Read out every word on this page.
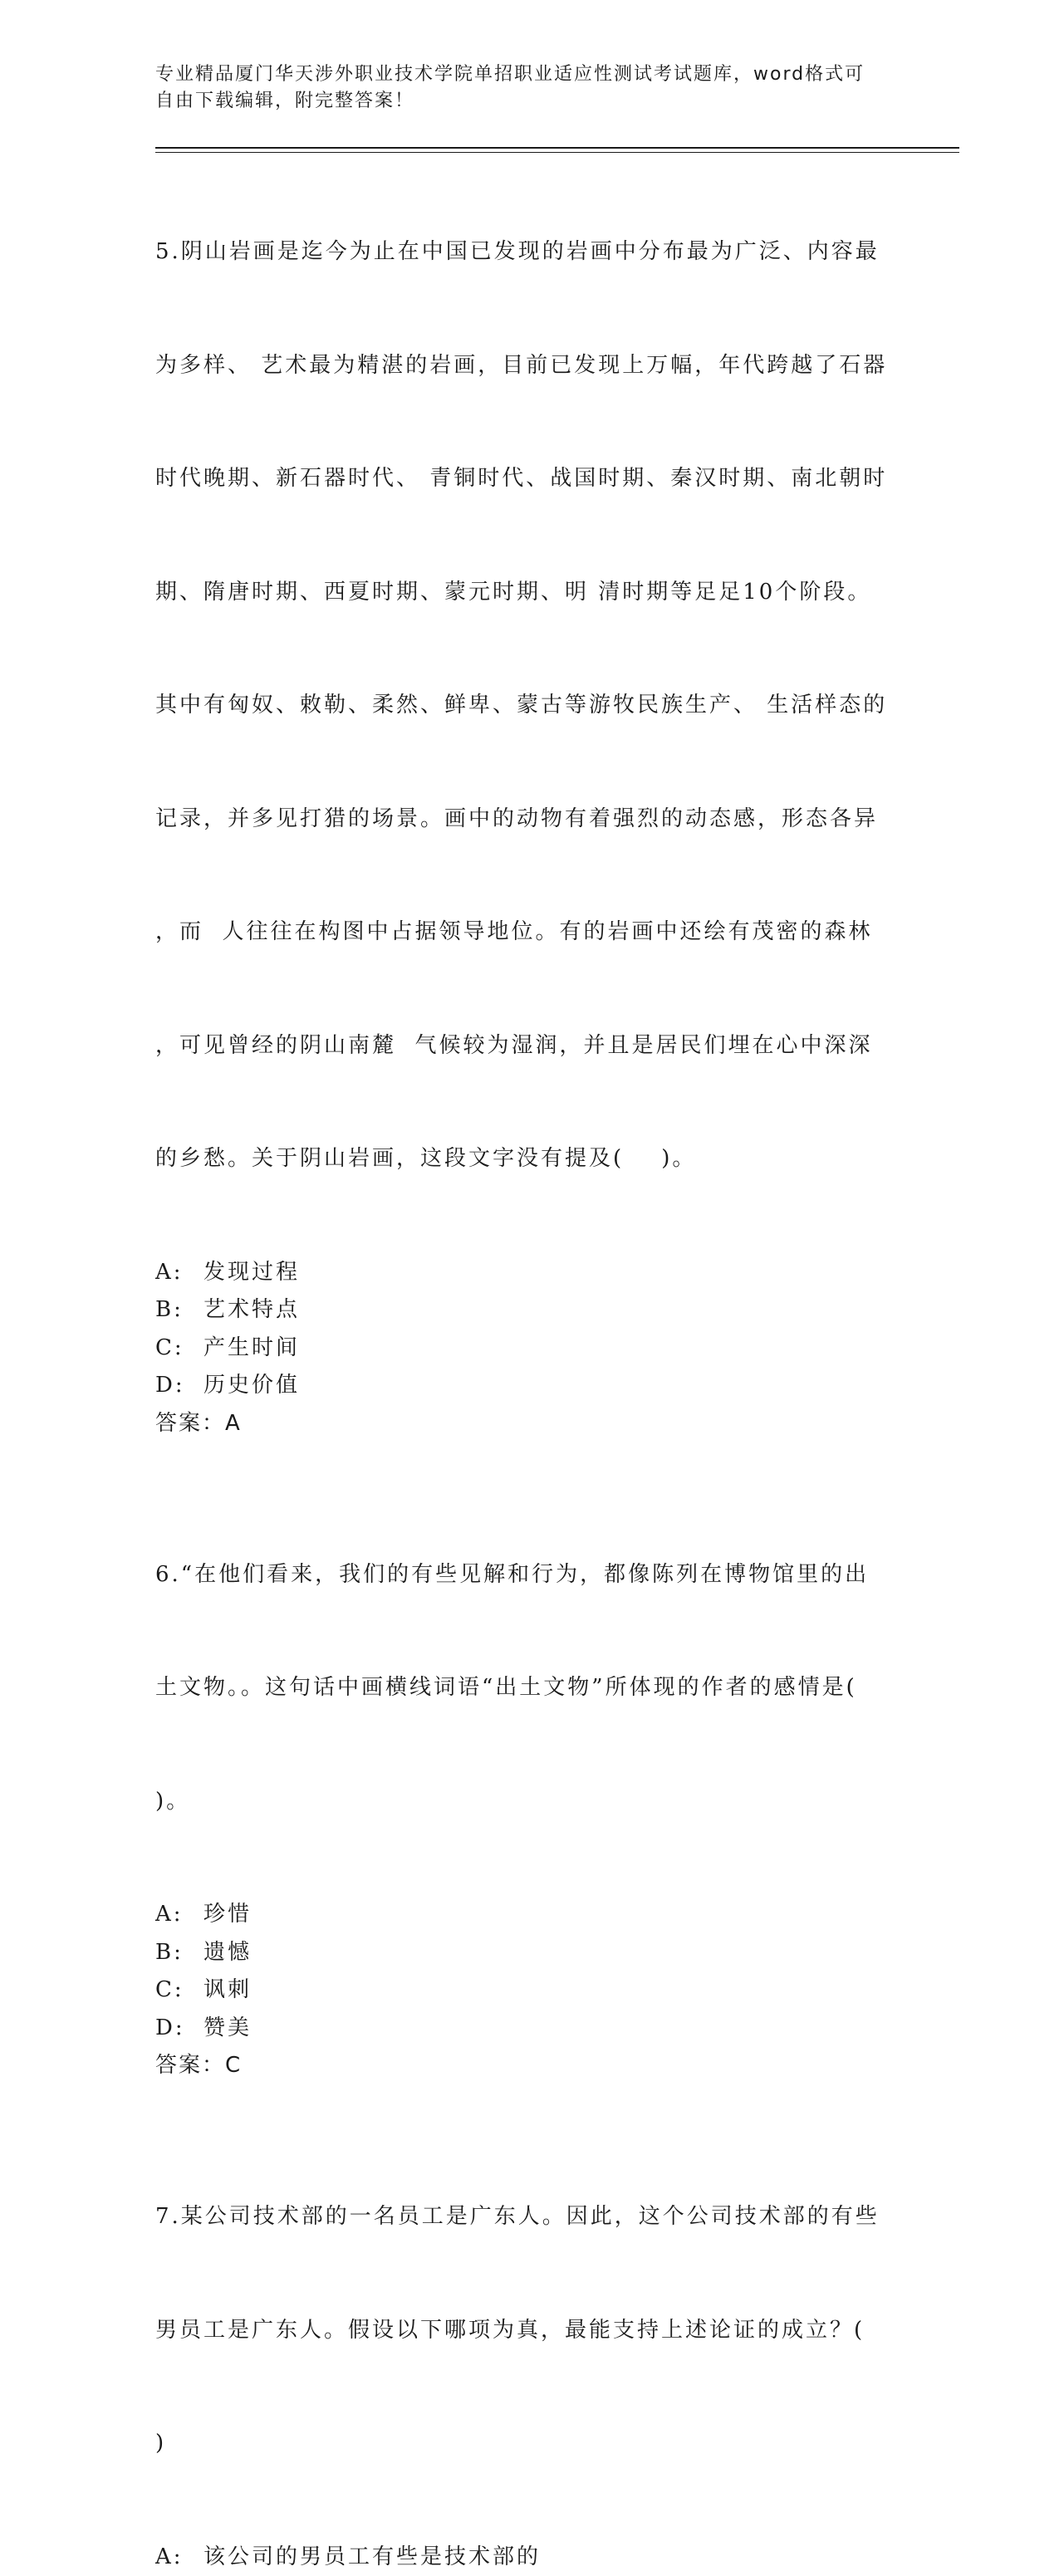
专业精品厦门华天涉外职业技术学院单招职业适应性测试考试题库，word格式可
自由下载编辑，附完整答案！

5.阴山岩画是迄今为止在中国已发现的岩画中分布最为广泛、内容最

为多样、 艺术最为精湛的岩画，目前已发现上万幅，年代跨越了石器

时代晚期、新石器时代、 青铜时代、战国时期、秦汉时期、南北朝时

期、隋唐时期、西夏时期、蒙元时期、明 清时期等足足10个阶段。

其中有匈奴、敕勒、柔然、鲜卑、蒙古等游牧民族生产、 生活样态的

记录，并多见打猎的场景。画中的动物有着强烈的动态感，形态各异

，而  人往往在构图中占据领导地位。有的岩画中还绘有茂密的森林

，可见曾经的阴山南麓  气候较为湿润，并且是居民们埋在心中深深

的乡愁。关于阴山岩画，这段文字没有提及(    )。

A: 发现过程
B: 艺术特点
C: 产生时间
D: 历史价值
答案：A

6.“在他们看来，我们的有些见解和行为，都像陈列在博物馆里的出

土文物。。这句话中画横线词语“出土文物”所体现的作者的感情是(

)。

A: 珍惜
B: 遗憾
C: 讽刺
D: 赞美
答案：C

7.某公司技术部的一名员工是广东人。因此，这个公司技术部的有些

男员工是广东人。假设以下哪项为真，最能支持上述论证的成立？(

)

A: 该公司的男员工有些是技术部的
